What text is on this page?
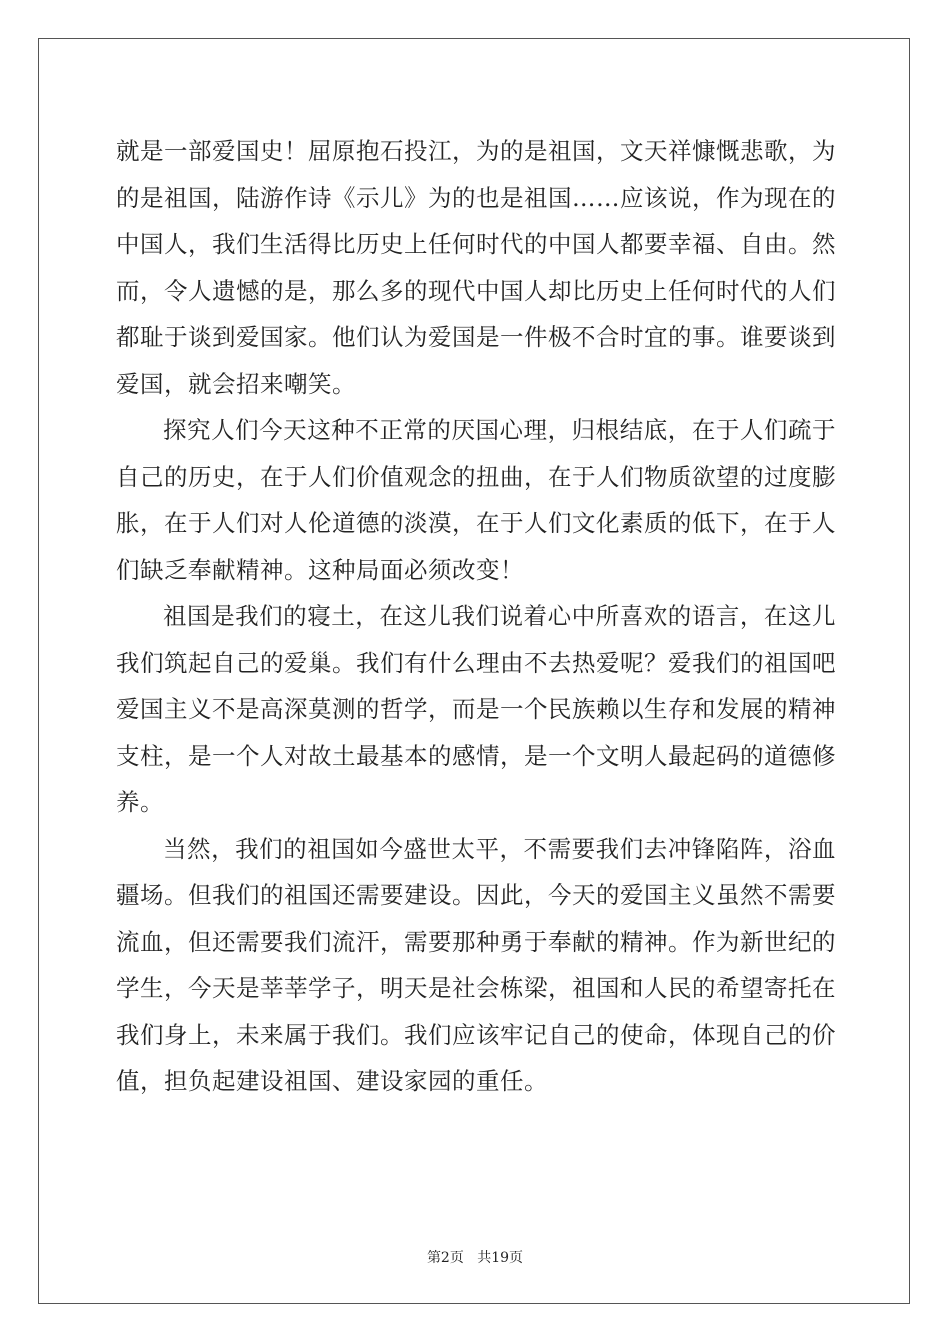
就是一部爱国史！屈原抱石投江，为的是祖国，文天祥慷慨悲歌，为的是祖国，陆游作诗《示儿》为的也是祖国……应该说，作为现在的中国人，我们生活得比历史上任何时代的中国人都要幸福、自由。然而，令人遗憾的是，那么多的现代中国人却比历史上任何时代的人们都耻于谈到爱国家。他们认为爱国是一件极不合时宜的事。谁要谈到爱国，就会招来嘲笑。

探究人们今天这种不正常的厌国心理，归根结底，在于人们疏于自己的历史，在于人们价值观念的扭曲，在于人们物质欲望的过度膨胀，在于人们对人伦道德的淡漠，在于人们文化素质的低下，在于人们缺乏奉献精神。这种局面必须改变！

祖国是我们的寝土，在这儿我们说着心中所喜欢的语言，在这儿我们筑起自己的爱巢。我们有什么理由不去热爱呢？爱我们的祖国吧爱国主义不是高深莫测的哲学，而是一个民族赖以生存和发展的精神支柱，是一个人对故土最基本的感情，是一个文明人最起码的道德修养。

当然，我们的祖国如今盛世太平，不需要我们去冲锋陷阵，浴血疆场。但我们的祖国还需要建设。因此，今天的爱国主义虽然不需要流血，但还需要我们流汗，需要那种勇于奉献的精神。作为新世纪的学生，今天是莘莘学子，明天是社会栋梁，祖国和人民的希望寄托在我们身上，未来属于我们。我们应该牢记自己的使命，体现自己的价值，担负起建设祖国、建设家园的重任。

第2页 共19页
